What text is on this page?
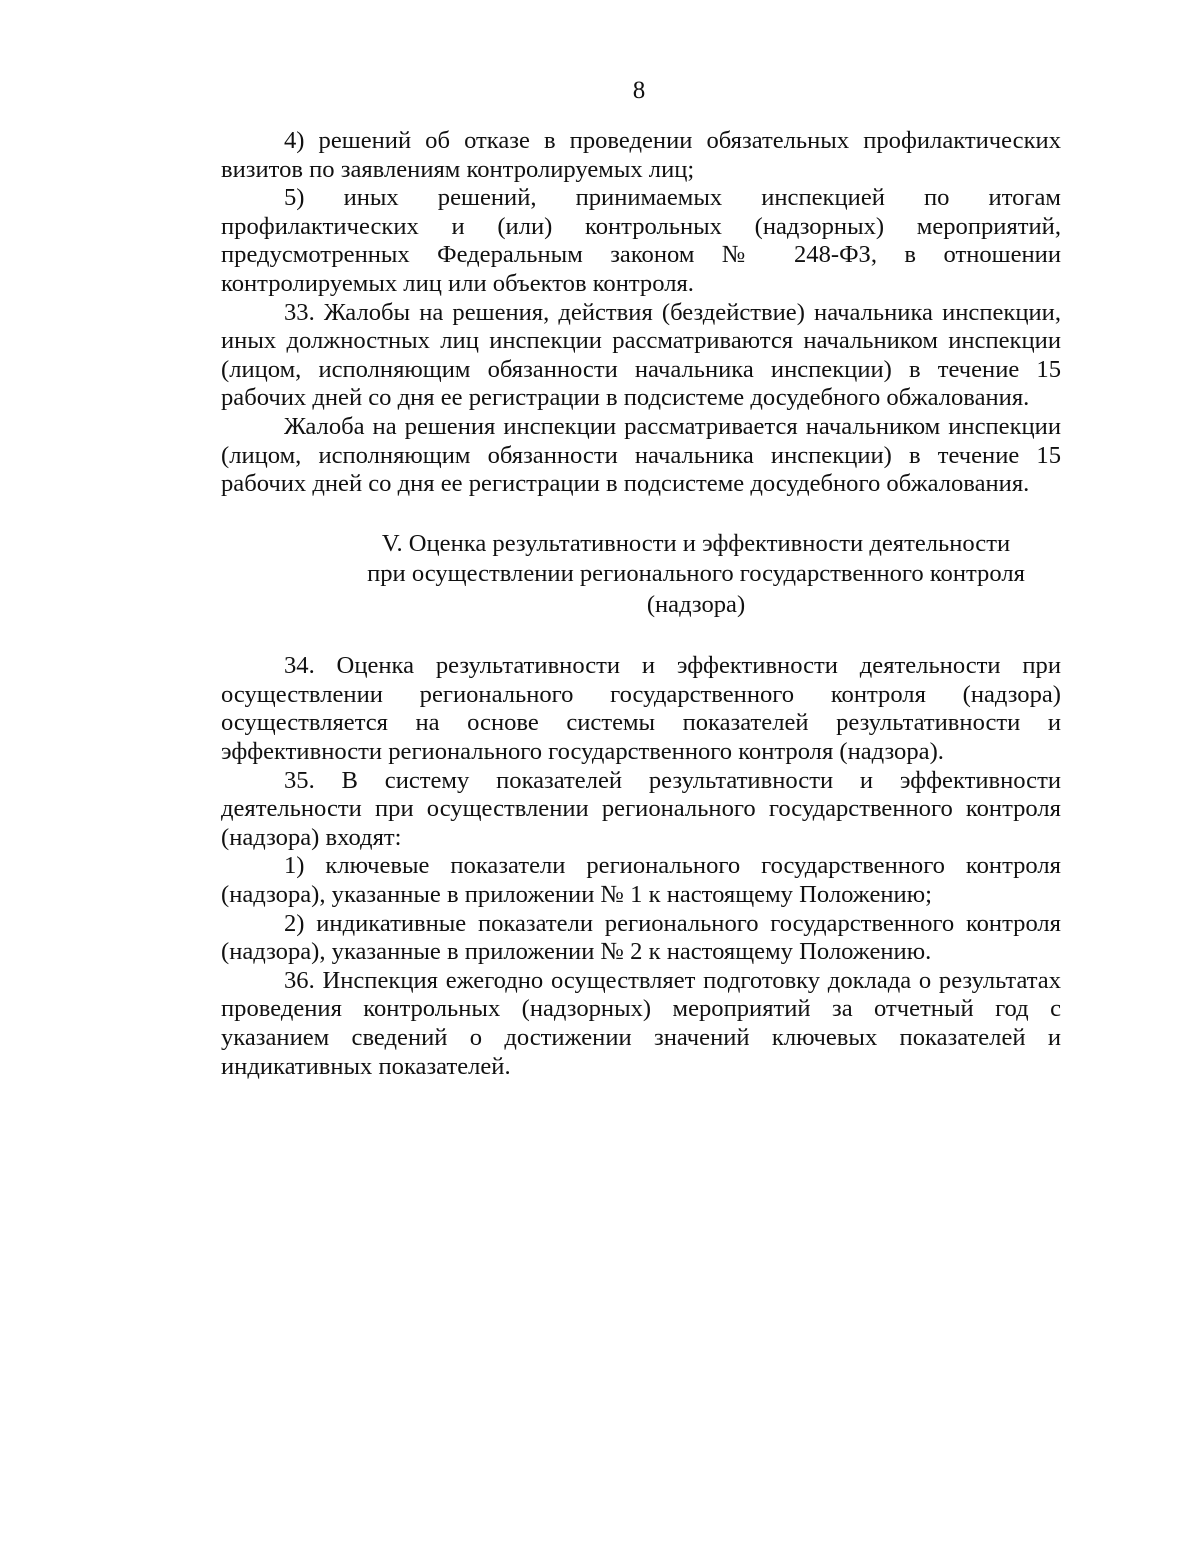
8

4) решений об отказе в проведении обязательных профилактических визитов по заявлениям контролируемых лиц;

5) иных решений, принимаемых инспекцией по итогам профилактических и (или) контрольных (надзорных) мероприятий, предусмотренных Федеральным законом № 248-ФЗ, в отношении контролируемых лиц или объектов контроля.

33. Жалобы на решения, действия (бездействие) начальника инспекции, иных должностных лиц инспекции рассматриваются начальником инспекции (лицом, исполняющим обязанности начальника инспекции) в течение 15 рабочих дней со дня ее регистрации в подсистеме досудебного обжалования.

Жалоба на решения инспекции рассматривается начальником инспекции (лицом, исполняющим обязанности начальника инспекции) в течение 15 рабочих дней со дня ее регистрации в подсистеме досудебного обжалования.

V. Оценка результативности и эффективности деятельности
при осуществлении регионального государственного контроля
(надзора)

34. Оценка результативности и эффективности деятельности при осуществлении регионального государственного контроля (надзора) осуществляется на основе системы показателей результативности и эффективности регионального государственного контроля (надзора).

35. В систему показателей результативности и эффективности деятельности при осуществлении регионального государственного контроля (надзора) входят:

1) ключевые показатели регионального государственного контроля (надзора), указанные в приложении № 1 к настоящему Положению;

2) индикативные показатели регионального государственного контроля (надзора), указанные в приложении № 2 к настоящему Положению.

36. Инспекция ежегодно осуществляет подготовку доклада о результатах проведения контрольных (надзорных) мероприятий за отчетный год с указанием сведений о достижении значений ключевых показателей и индикативных показателей.
